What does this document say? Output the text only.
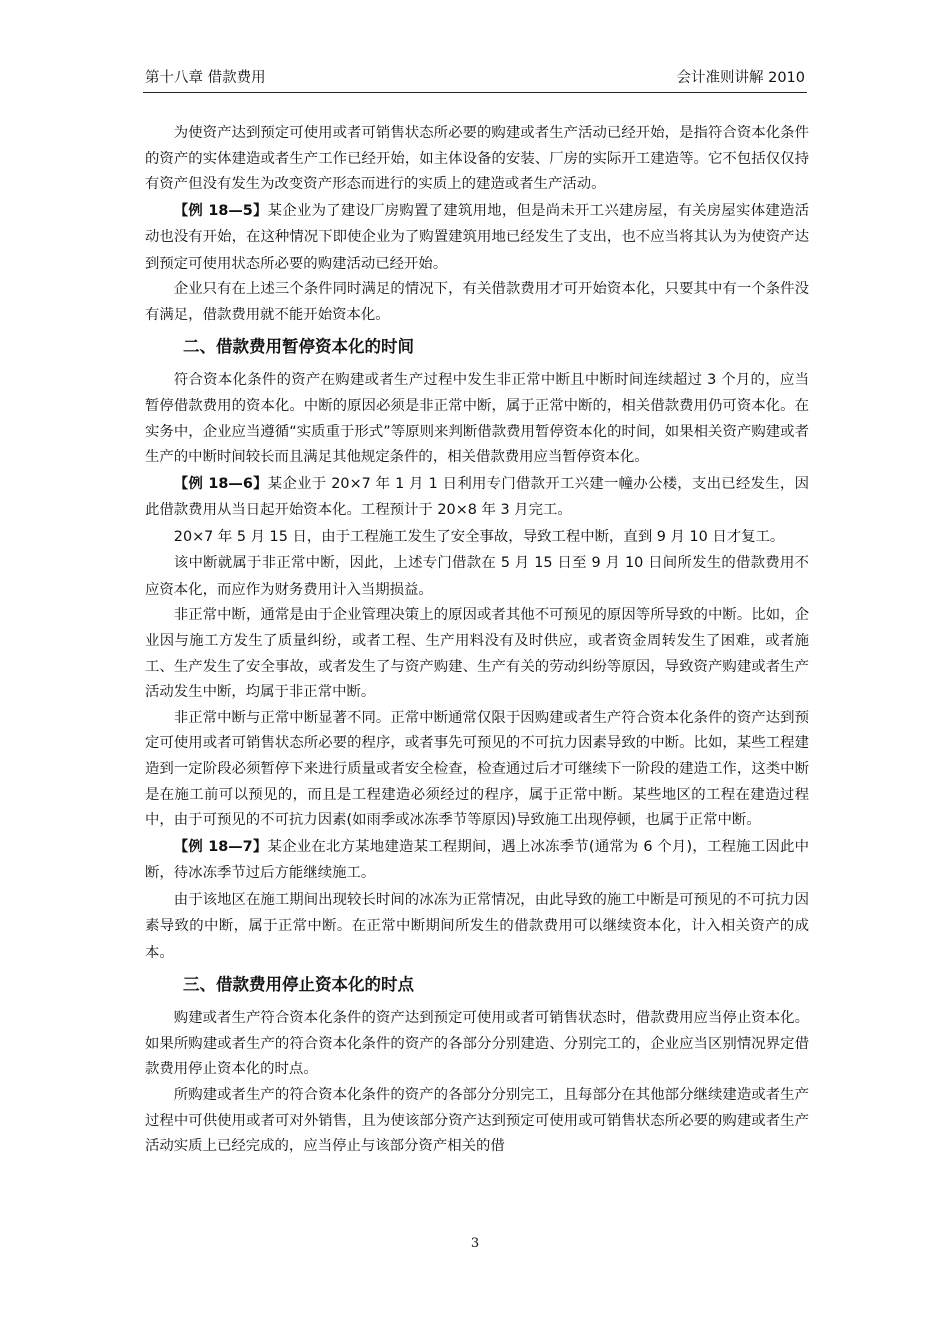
第十八章 借款费用	会计准则讲解 2010

为使资产达到预定可使用或者可销售状态所必要的购建或者生产活动已经开始，是指符合资本化条件的资产的实体建造或者生产工作已经开始，如主体设备的安装、厂房的实际开工建造等。它不包括仅仅持有资产但没有发生为改变资产形态而进行的实质上的建造或者生产活动。

【例 18—5】某企业为了建设厂房购置了建筑用地，但是尚未开工兴建房屋，有关房屋实体建造活动也没有开始，在这种情况下即使企业为了购置建筑用地已经发生了支出，也不应当将其认为为使资产达到预定可使用状态所必要的购建活动已经开始。

企业只有在上述三个条件同时满足的情况下，有关借款费用才可开始资本化，只要其中有一个条件没有满足，借款费用就不能开始资本化。

二、借款费用暂停资本化的时间

符合资本化条件的资产在购建或者生产过程中发生非正常中断且中断时间连续超过 3 个月的，应当暂停借款费用的资本化。中断的原因必须是非正常中断，属于正常中断的，相关借款费用仍可资本化。在实务中，企业应当遵循“实质重于形式”等原则来判断借款费用暂停资本化的时间，如果相关资产购建或者生产的中断时间较长而且满足其他规定条件的，相关借款费用应当暂停资本化。

【例 18—6】某企业于 20×7 年 1 月 1 日利用专门借款开工兴建一幢办公楼，支出已经发生，因此借款费用从当日起开始资本化。工程预计于 20×8 年 3 月完工。

20×7 年 5 月 15 日，由于工程施工发生了安全事故，导致工程中断，直到 9 月 10 日才复工。

该中断就属于非正常中断，因此，上述专门借款在 5 月 15 日至 9 月 10 日间所发生的借款费用不应资本化，而应作为财务费用计入当期损益。

非正常中断，通常是由于企业管理决策上的原因或者其他不可预见的原因等所导致的中断。比如，企业因与施工方发生了质量纠纷，或者工程、生产用料没有及时供应，或者资金周转发生了困难，或者施工、生产发生了安全事故，或者发生了与资产购建、生产有关的劳动纠纷等原因，导致资产购建或者生产活动发生中断，均属于非正常中断。

非正常中断与正常中断显著不同。正常中断通常仅限于因购建或者生产符合资本化条件的资产达到预定可使用或者可销售状态所必要的程序，或者事先可预见的不可抗力因素导致的中断。比如，某些工程建造到一定阶段必须暂停下来进行质量或者安全检查，检查通过后才可继续下一阶段的建造工作，这类中断是在施工前可以预见的，而且是工程建造必须经过的程序，属于正常中断。某些地区的工程在建造过程中，由于可预见的不可抗力因素(如雨季或冰冻季节等原因)导致施工出现停顿，也属于正常中断。

【例 18—7】某企业在北方某地建造某工程期间，遇上冰冻季节(通常为 6 个月)，工程施工因此中断，待冰冻季节过后方能继续施工。

由于该地区在施工期间出现较长时间的冰冻为正常情况，由此导致的施工中断是可预见的不可抗力因素导致的中断，属于正常中断。在正常中断期间所发生的借款费用可以继续资本化，计入相关资产的成本。

三、借款费用停止资本化的时点

购建或者生产符合资本化条件的资产达到预定可使用或者可销售状态时，借款费用应当停止资本化。如果所购建或者生产的符合资本化条件的资产的各部分分别建造、分别完工的，企业应当区别情况界定借款费用停止资本化的时点。

所购建或者生产的符合资本化条件的资产的各部分分别完工，且每部分在其他部分继续建造或者生产过程中可供使用或者可对外销售，且为使该部分资产达到预定可使用或可销售状态所必要的购建或者生产活动实质上已经完成的，应当停止与该部分资产相关的借

3
